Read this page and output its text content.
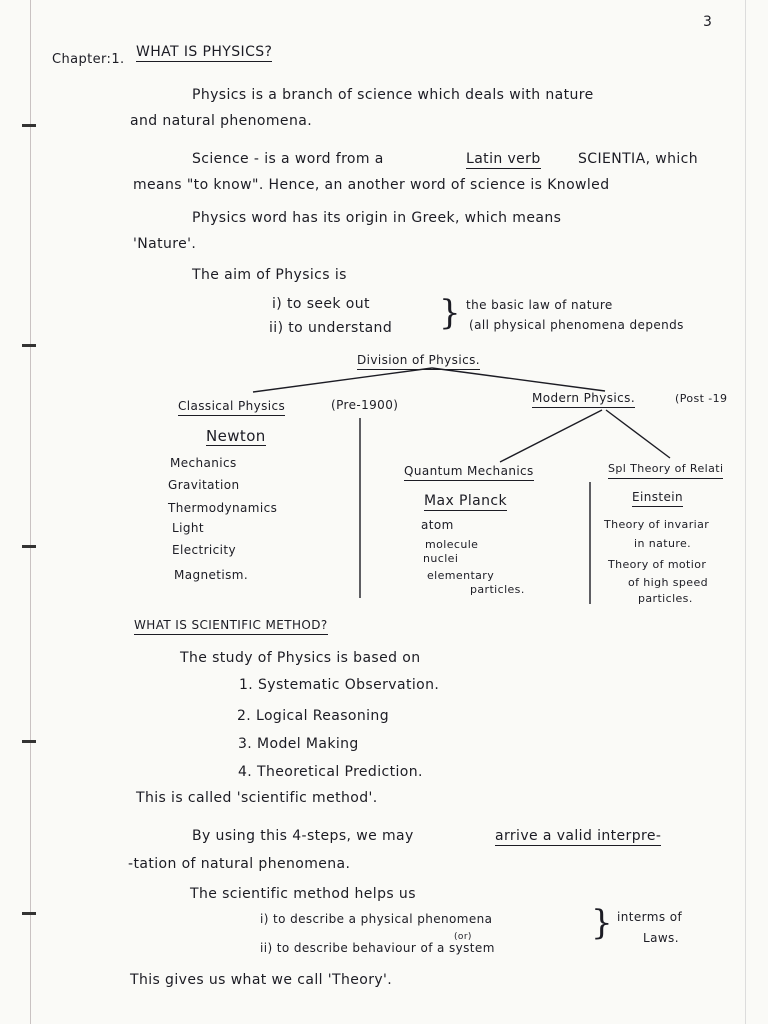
3
Chapter:1. WHAT IS PHYSICS?
Physics is a branch of science which deals with nature
and natural phenomena.
Science - is a word from a	Latin verb	SCIENTIA, which
means "to know". Hence, an another word of science is Knowled
Physics word has its origin in Greek, which means
'Nature'.
The aim of Physics is
i) to seek out
ii) to understand } the basic law of nature
(all physical phenomena depends
Division of Physics.
Classical Physics	(Pre-1900)
Newton
Mechanics
Gravitation
Thermodynamics
Light
Electricity
Magnetism.
Modern Physics.	(Post -19
Quantum Mechanics
Max Planck
atom
molecule
nuclei
elementary
particles.
Spl Theory of Relati
Einstein
Theory of invariar
in nature.
Theory of motior
of high speed
particles.
WHAT IS SCIENTIFIC METHOD?
The study of Physics is based on
1. Systematic Observation.
2. Logical Reasoning
3. Model Making
4. Theoretical Prediction.
This is called 'scientific method'.
By using this 4-steps, we may	arrive a valid interpre-
-tation of natural phenomena.
The scientific method helps us
i) to describe a physical phenomena
(or)
ii) to describe behaviour of a system
} interms of
Laws.
This gives us what we call 'Theory'.
